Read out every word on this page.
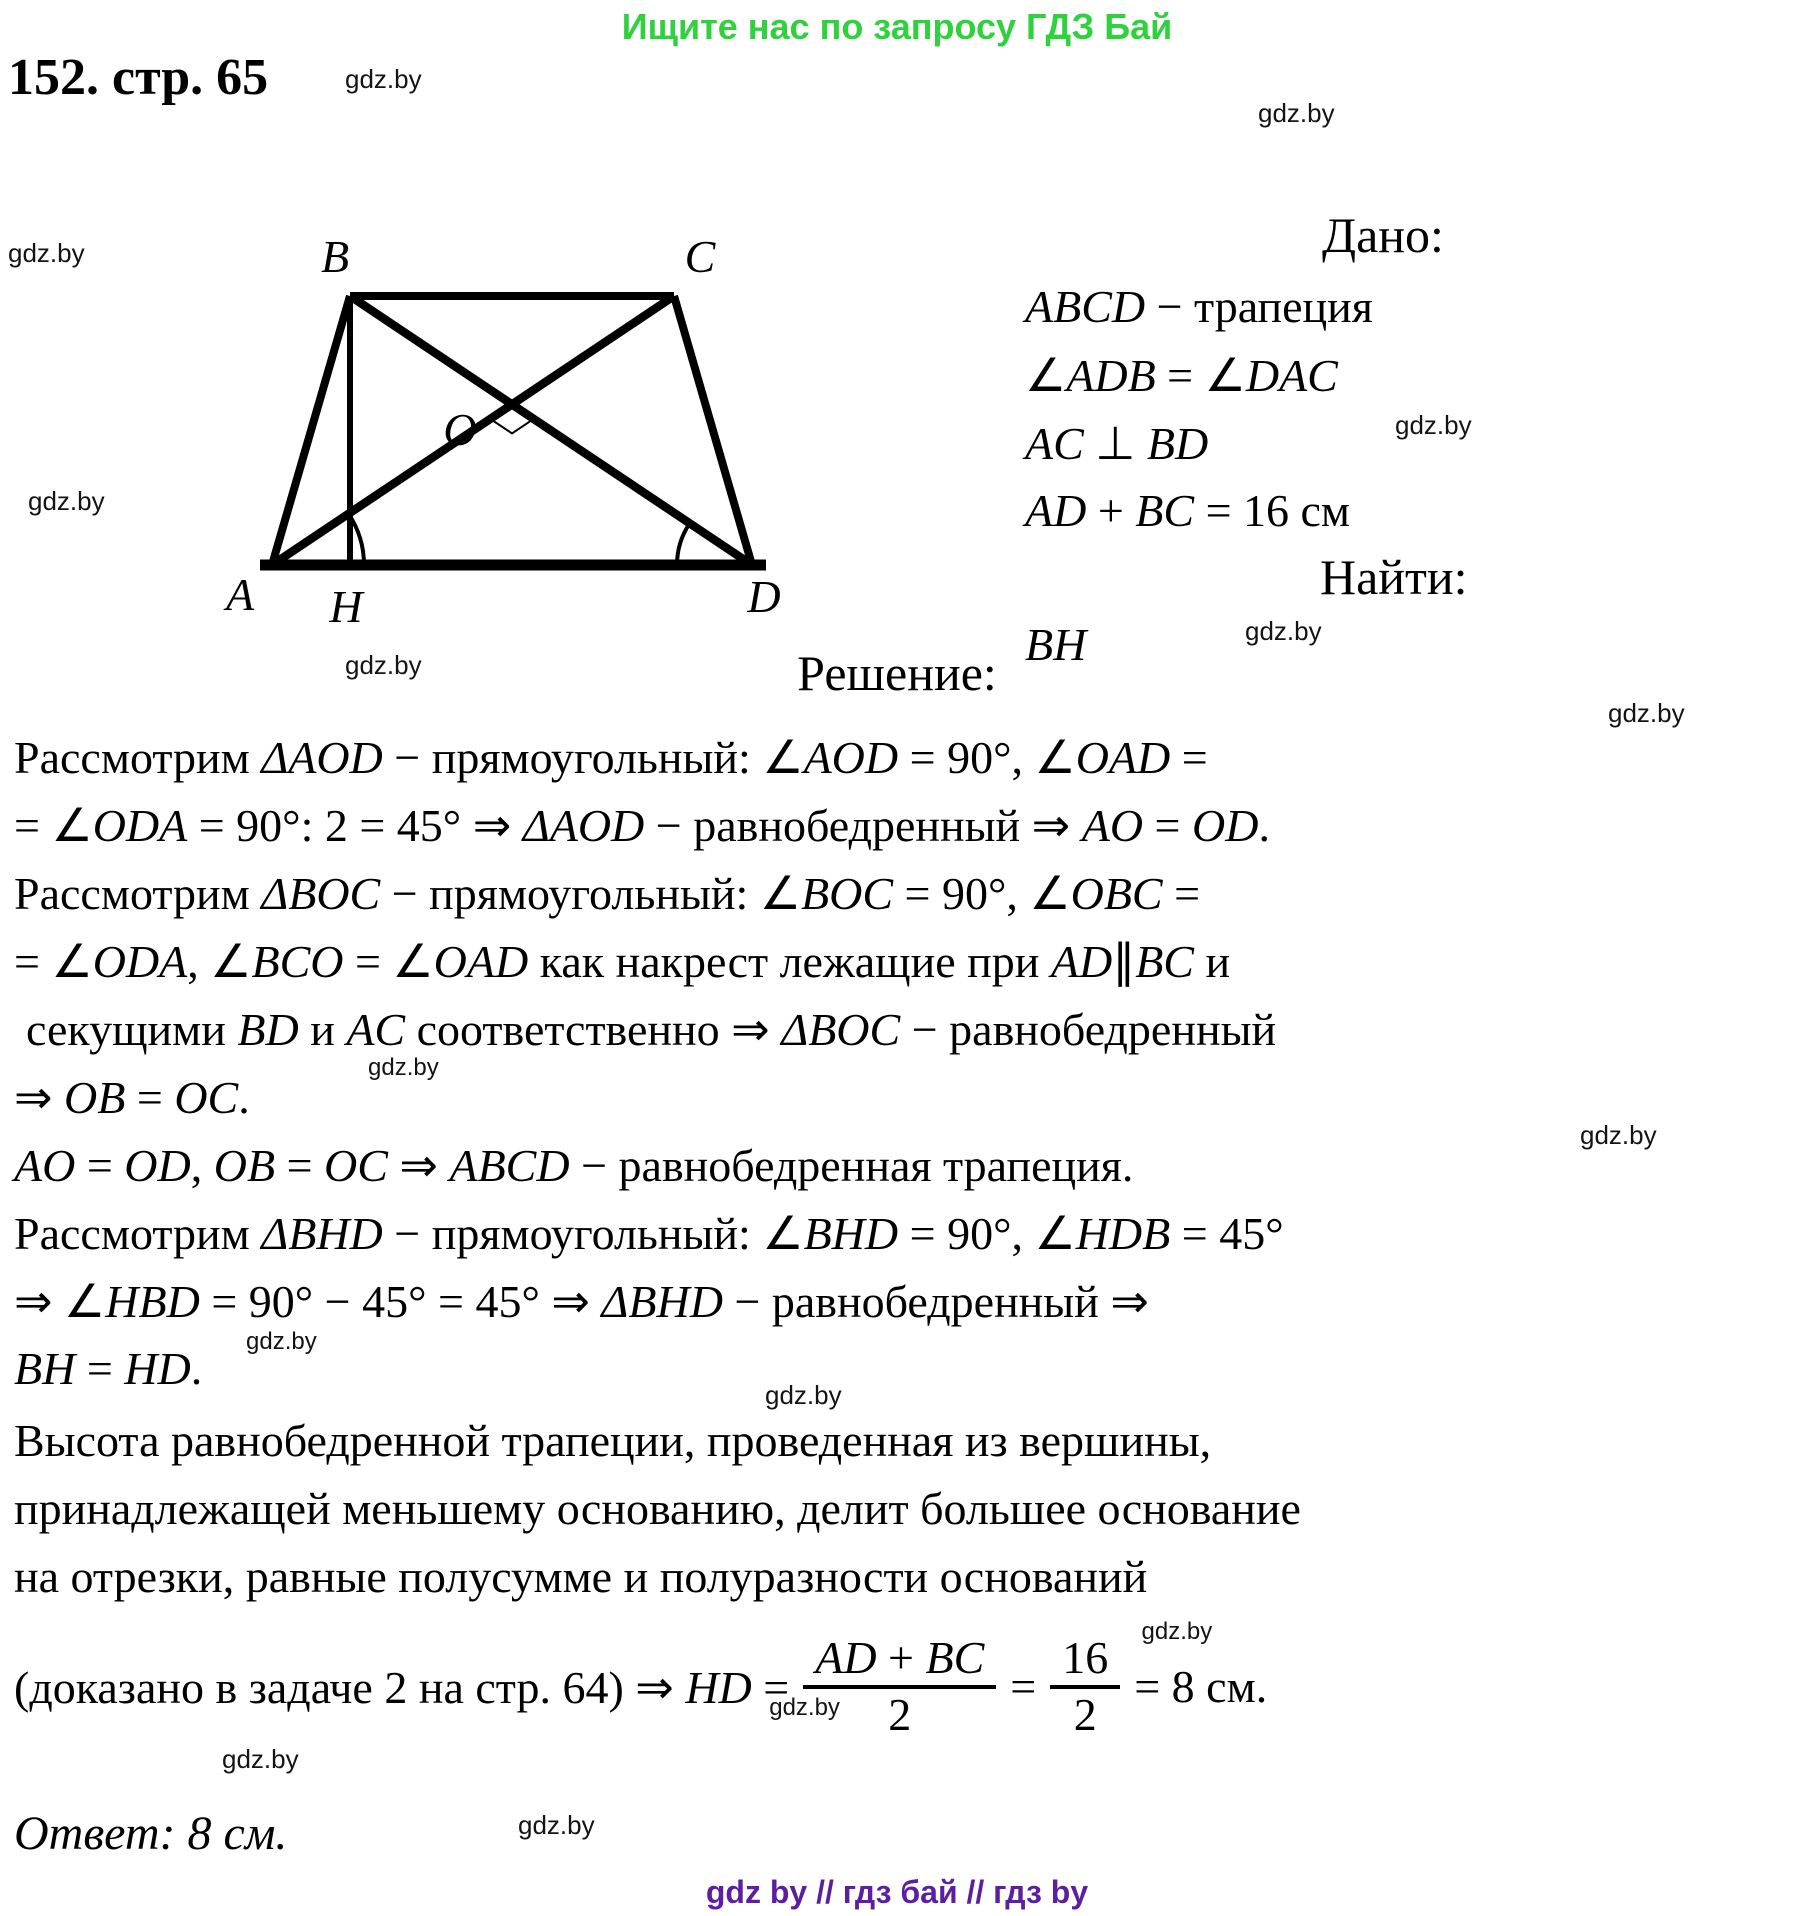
Ищите нас по запросу ГДЗ Бай
152. стр. 65	gdz.by
gdz.by
gdz.by
gdz.by
gdz.by
gdz.by
gdz.by
gdz.by
gdz.by
gdz.by
gdz.by
gdz.by
gdz.by
gdz.by
B	C
O
A H	D
Дано:
ABCD − трапеция
∠ADB = ∠DAC
AC ⊥ BD
AD + BC = 16 см
Найти:
BH
Решение:
Рассмотрим ΔAOD − прямоугольный: ∠AOD = 90°, ∠OAD =
= ∠ODA = 90°: 2 = 45° ⇒ ΔAOD − равнобедренный ⇒ AO = OD.
Рассмотрим ΔBOC − прямоугольный: ∠BOC = 90°, ∠OBC =
= ∠ODA, ∠BCO = ∠OAD как накрест лежащие при AD∥BC и
секущими BD и AC соответственно ⇒ ΔBOC − равнобедренный
⇒ OB = OC.
AO = OD, OB = OC ⇒ ABCD − равнобедренная трапеция.
Рассмотрим ΔBHD − прямоугольный: ∠BHD = 90°, ∠HDB = 45°
⇒ ∠HBD = 90° − 45° = 45° ⇒ ΔBHD − равнобедренный ⇒
BH = HD.
Высота равнобедренной трапеции, проведенная из вершины,
принадлежащей меньшему основанию, делит большее основание
на отрезки, равные полусумме и полуразности оснований
(доказано в задаче 2 на стр. 64) ⇒ HD =
AD + BC
2
gdz.by	=
16
2
gdz.by
= 8 см.
Ответ: 8 см.
gdz by // гдз бай // гдз by
